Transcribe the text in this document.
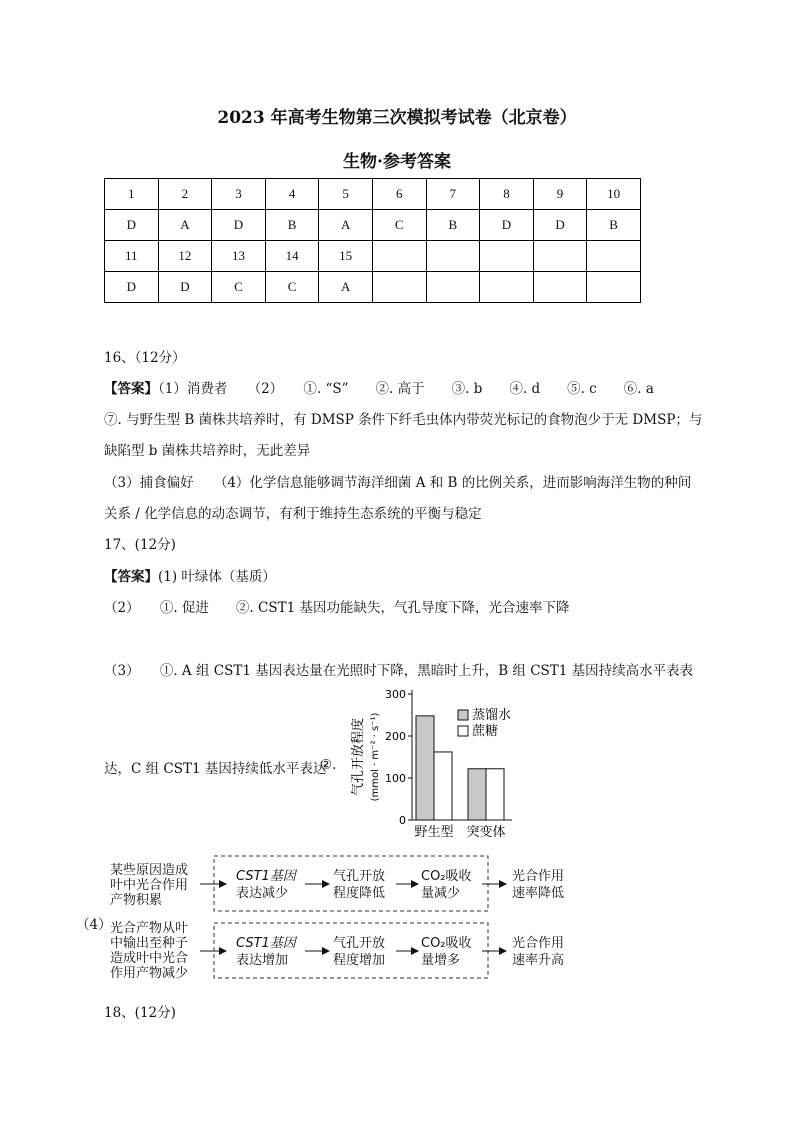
2023 年高考生物第三次模拟考试卷（北京卷）
生物·参考答案
1	2	3	4	5	6	7	8	9	10
D	A	D	B	A	C	B	D	D	B
11	12	13	14	15					
D	D	C	C	A					
16、（12分）
【答案】（1）消费者　　（2）　　①. “S”　　②. 高于　　③. b　　④. d　　⑤. c　　⑥. a
⑦. 与野生型 B 菌株共培养时，有 DMSP 条件下纤毛虫体内带荧光标记的食物泡少于无 DMSP；与
缺陷型 b 菌株共培养时，无此差异
（3）捕食偏好　　（4）化学信息能够调节海洋细菌 A 和 B 的比例关系，进而影响海洋生物的种间
关系 / 化学信息的动态调节，有利于维持生态系统的平衡与稳定
17、(12分)
【答案】(1) 叶绿体（基质）
（2）　　①. 促进　　②. CST1 基因功能缺失，气孔导度下降，光合速率下降
（3）　　①. A 组 CST1 基因表达量在光照时下降，黑暗时上升，B 组 CST1 基因持续高水平表表
达，C 组 CST1 基因持续低水平表达
②.
0
100
200
300
野生型 突变体
蒸馏水
蔗糖
气孔开放程度 (mmol · m⁻² · s⁻¹)
（4）
某些原因造成
叶中光合作用
产物积累
CST1基因
表达减少
气孔开放
程度降低
CO₂吸收
量减少
光合作用
速率降低
光合产物从叶
中输出至种子
造成叶中光合
作用产物减少
CST1基因
表达增加
气孔开放
程度增加
CO₂吸收
量增多
光合作用
速率升高
18、(12分)
